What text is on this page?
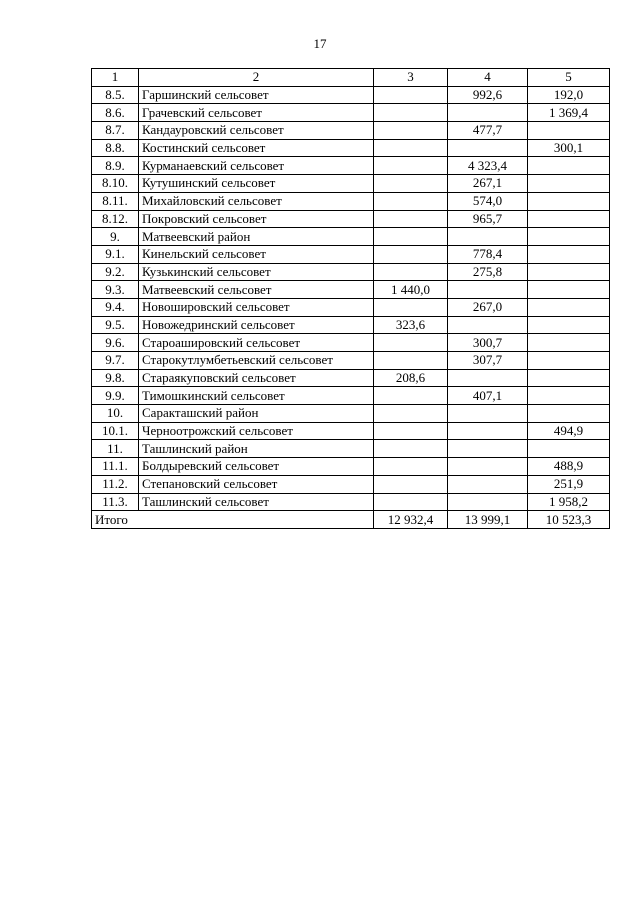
17
1	2	3	4	5
8.5.	Гаршинский сельсовет		992,6	192,0
8.6.	Грачевский сельсовет			1 369,4
8.7.	Кандауровский сельсовет		477,7	
8.8.	Костинский сельсовет			300,1
8.9.	Курманаевский сельсовет		4 323,4	
8.10.	Кутушинский сельсовет		267,1	
8.11.	Михайловский сельсовет		574,0	
8.12.	Покровский сельсовет		965,7	
9.	Матвеевский район			
9.1.	Кинельский сельсовет		778,4	
9.2.	Кузькинский сельсовет		275,8	
9.3.	Матвеевский сельсовет	1 440,0		
9.4.	Новошировский сельсовет		267,0	
9.5.	Новожедринский сельсовет	323,6		
9.6.	Староашировский сельсовет		300,7	
9.7.	Старокутлумбетьевский сельсовет		307,7	
9.8.	Стараякуповский сельсовет	208,6		
9.9.	Тимошкинский сельсовет		407,1	
10.	Саракташский район			
10.1.	Черноотрожский сельсовет			494,9
11.	Ташлинский район			
11.1.	Болдыревский сельсовет			488,9
11.2.	Степановский сельсовет			251,9
11.3.	Ташлинский сельсовет			1 958,2
Итого		12 932,4	13 999,1	10 523,3
